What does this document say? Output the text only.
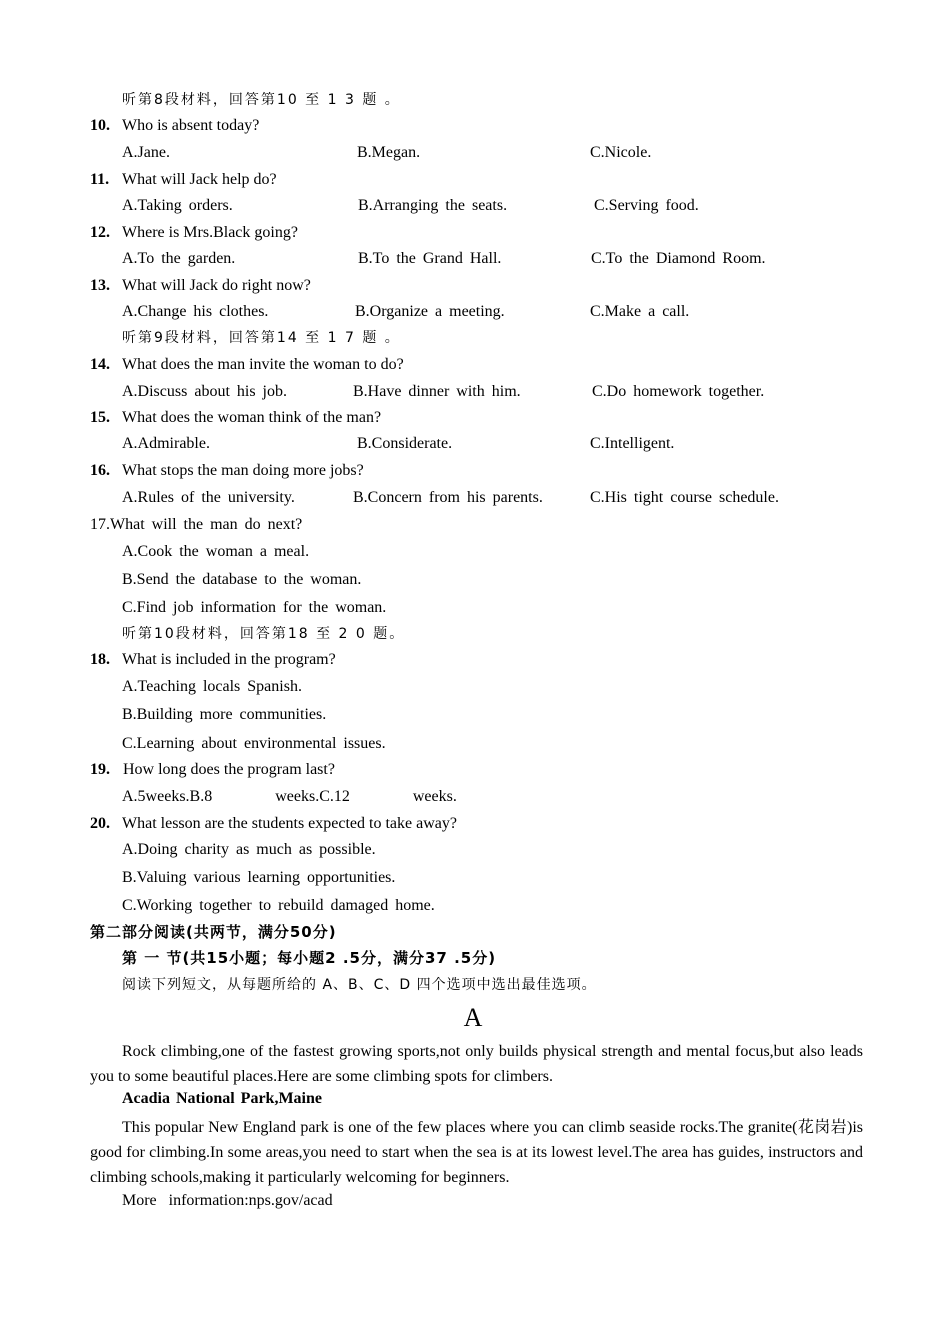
听第8段材料，回答第10 至 1 3 题 。
10. Who is absent today?
A.Jane.	B.Megan.	C.Nicole.
11. What will Jack help do?
A.Taking orders.	B.Arranging the seats.	C.Serving food.
12. Where is Mrs.Black going?
A.To the garden.	B.To the Grand Hall.	C.To the Diamond Room.
13. What will Jack do right now?
A.Change his clothes.	B.Organize a meeting.	C.Make a call.
听第9段材料，回答第14 至 1 7 题 。
14. What does the man invite the woman to do?
A.Discuss about his job.	B.Have dinner with him.	C.Do homework together.
15. What does the woman think of the man?
A.Admirable.	B.Considerate.	C.Intelligent.
16. What stops the man doing more jobs?
A.Rules of the university.	B.Concern from his parents.	C.His tight course schedule.
17.What will the man do next?
A.Cook the woman a meal.
B.Send the database to the woman.
C.Find job information for the woman.
听第10段材料，回答第18 至 2 0 题。
18. What is included in the program?
A.Teaching locals Spanish.
B.Building more communities.
C.Learning about environmental issues.
19. How long does the program last?
A.5weeks.B.8         weeks.C.12         weeks.
20. What lesson are the students expected to take away?
A.Doing charity as much as possible.
B.Valuing various learning opportunities.
C.Working together to rebuild damaged home.
第二部分阅读(共两节，满分50分)
第 一 节(共15小题；每小题2 .5分，满分37 .5分)
阅读下列短文，从每题所给的 A、B、C、D 四个选项中选出最佳选项。
A
Rock climbing,one of the fastest growing sports,not only builds physical strength and mental focus,but also leads you to some beautiful places.Here are some climbing spots for climbers.
Acadia National Park,Maine
This popular New England park is one of the few places where you can climb seaside rocks.The granite(花岗岩)is good for climbing.In some areas,you need to start when the sea is at its lowest level.The area has guides, instructors and climbing schools,making it particularly welcoming for beginners.
More   information:nps.gov/acad
